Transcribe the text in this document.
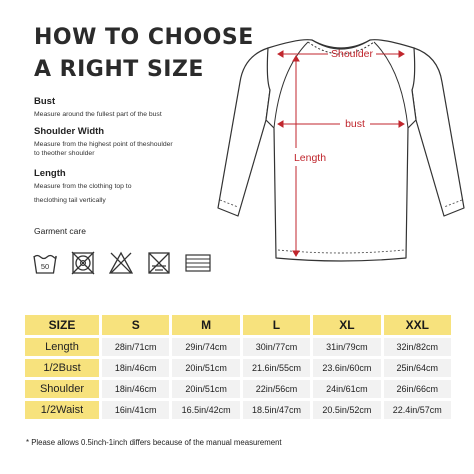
HOW TO CHOOSE
A RIGHT SIZE
Bust
Measure around the fullest part of the bust
Shoulder Width
Measure from the highest point of theshoulder
to theother shoulder
Length
Measure from the clothing top to
theclothing tail vertically
Garment care
50
Shoulder
bust
Length
SIZE	S	M	L	XL	XXL
Length	28in/71cm	29in/74cm	30in/77cm	31in/79cm	32in/82cm
1/2Bust	18in/46cm	20in/51cm	21.6in/55cm	23.6in/60cm	25in/64cm
Shoulder	18in/46cm	20in/51cm	22in/56cm	24in/61cm	26in/66cm
1/2Waist	16in/41cm	16.5in/42cm	18.5in/47cm	20.5in/52cm	22.4in/57cm
* Please allows 0.5inch-1inch differs because of the manual measurement
